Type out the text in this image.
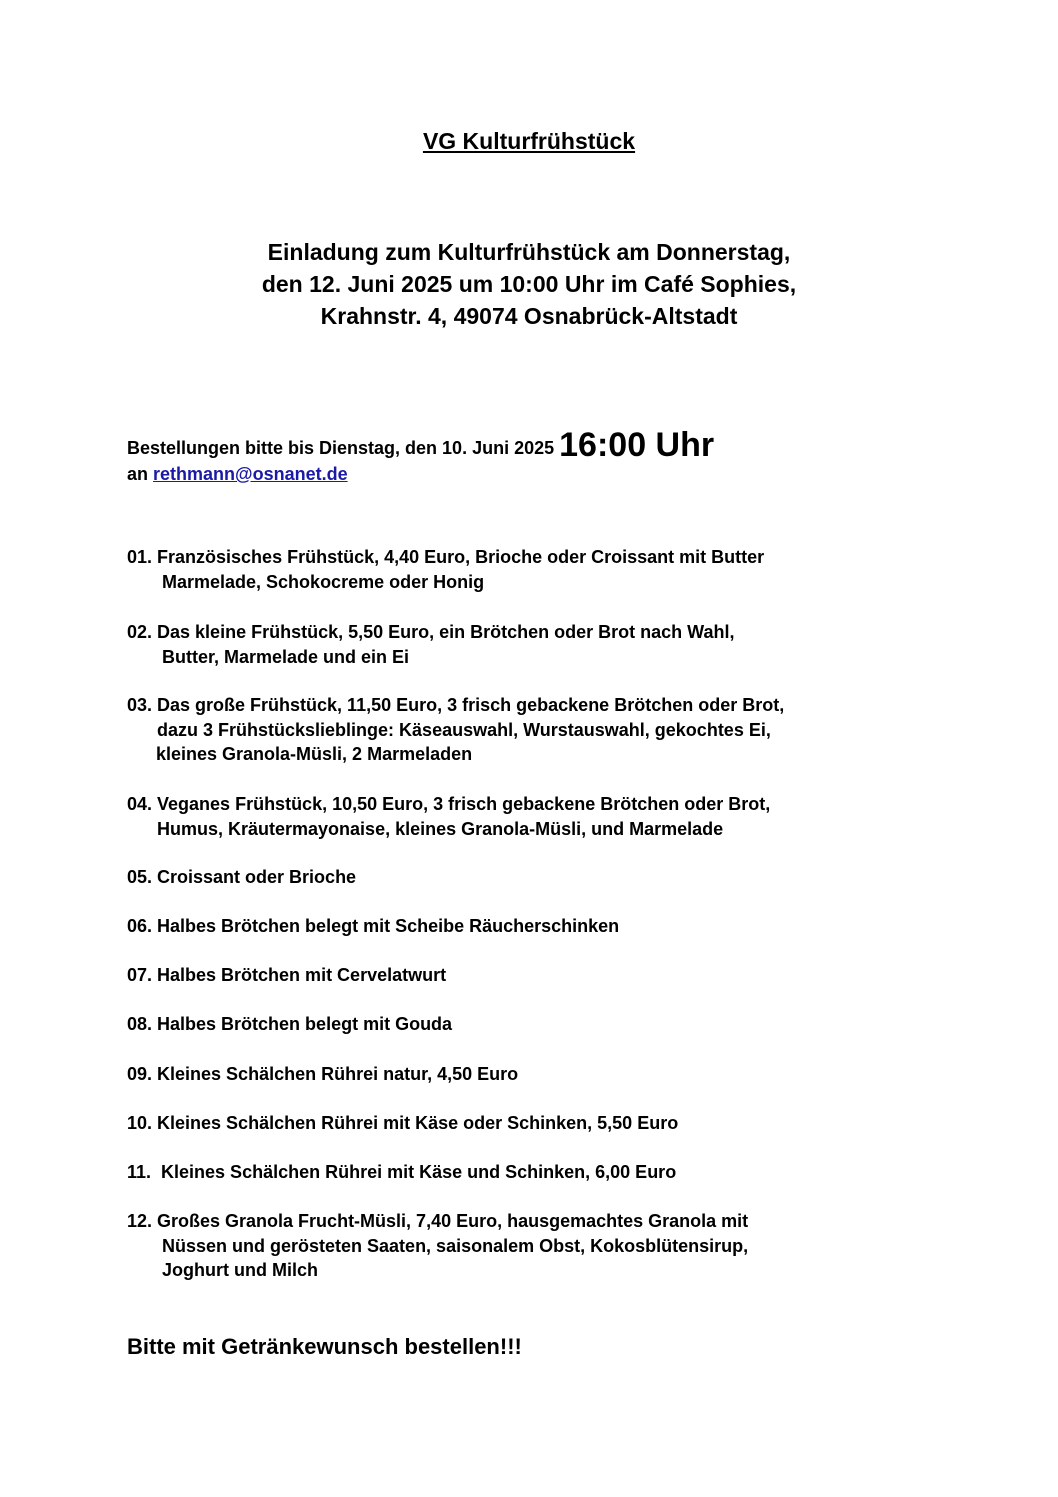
VG Kulturfrühstück
Einladung zum Kulturfrühstück am Donnerstag,
den 12. Juni 2025 um 10:00 Uhr im Café Sophies,
Krahnstr. 4, 49074 Osnabrück-Altstadt
Bestellungen bitte bis Dienstag, den 10. Juni 2025 16:00 Uhr
an rethmann@osnanet.de
01. Französisches Frühstück, 4,40 Euro, Brioche oder Croissant mit Butter
Marmelade, Schokocreme oder Honig
02. Das kleine Frühstück, 5,50 Euro, ein Brötchen oder Brot nach Wahl,
Butter, Marmelade und ein Ei
03. Das große Frühstück, 11,50 Euro, 3 frisch gebackene Brötchen oder Brot,
dazu 3 Frühstückslieblinge: Käseauswahl, Wurstauswahl, gekochtes Ei,
kleines Granola-Müsli, 2 Marmeladen
04. Veganes Frühstück, 10,50 Euro, 3 frisch gebackene Brötchen oder Brot,
Humus, Kräutermayonaise, kleines Granola-Müsli, und Marmelade
05. Croissant oder Brioche
06. Halbes Brötchen belegt mit Scheibe Räucherschinken
07. Halbes Brötchen mit Cervelatwurt
08. Halbes Brötchen belegt mit Gouda
09. Kleines Schälchen Rührei natur, 4,50 Euro
10. Kleines Schälchen Rührei mit Käse oder Schinken, 5,50 Euro
11.  Kleines Schälchen Rührei mit Käse und Schinken, 6,00 Euro
12. Großes Granola Frucht-Müsli, 7,40 Euro, hausgemachtes Granola mit
Nüssen und gerösteten Saaten, saisonalem Obst, Kokosblütensirup,
Joghurt und Milch
Bitte mit Getränkewunsch bestellen!!!
